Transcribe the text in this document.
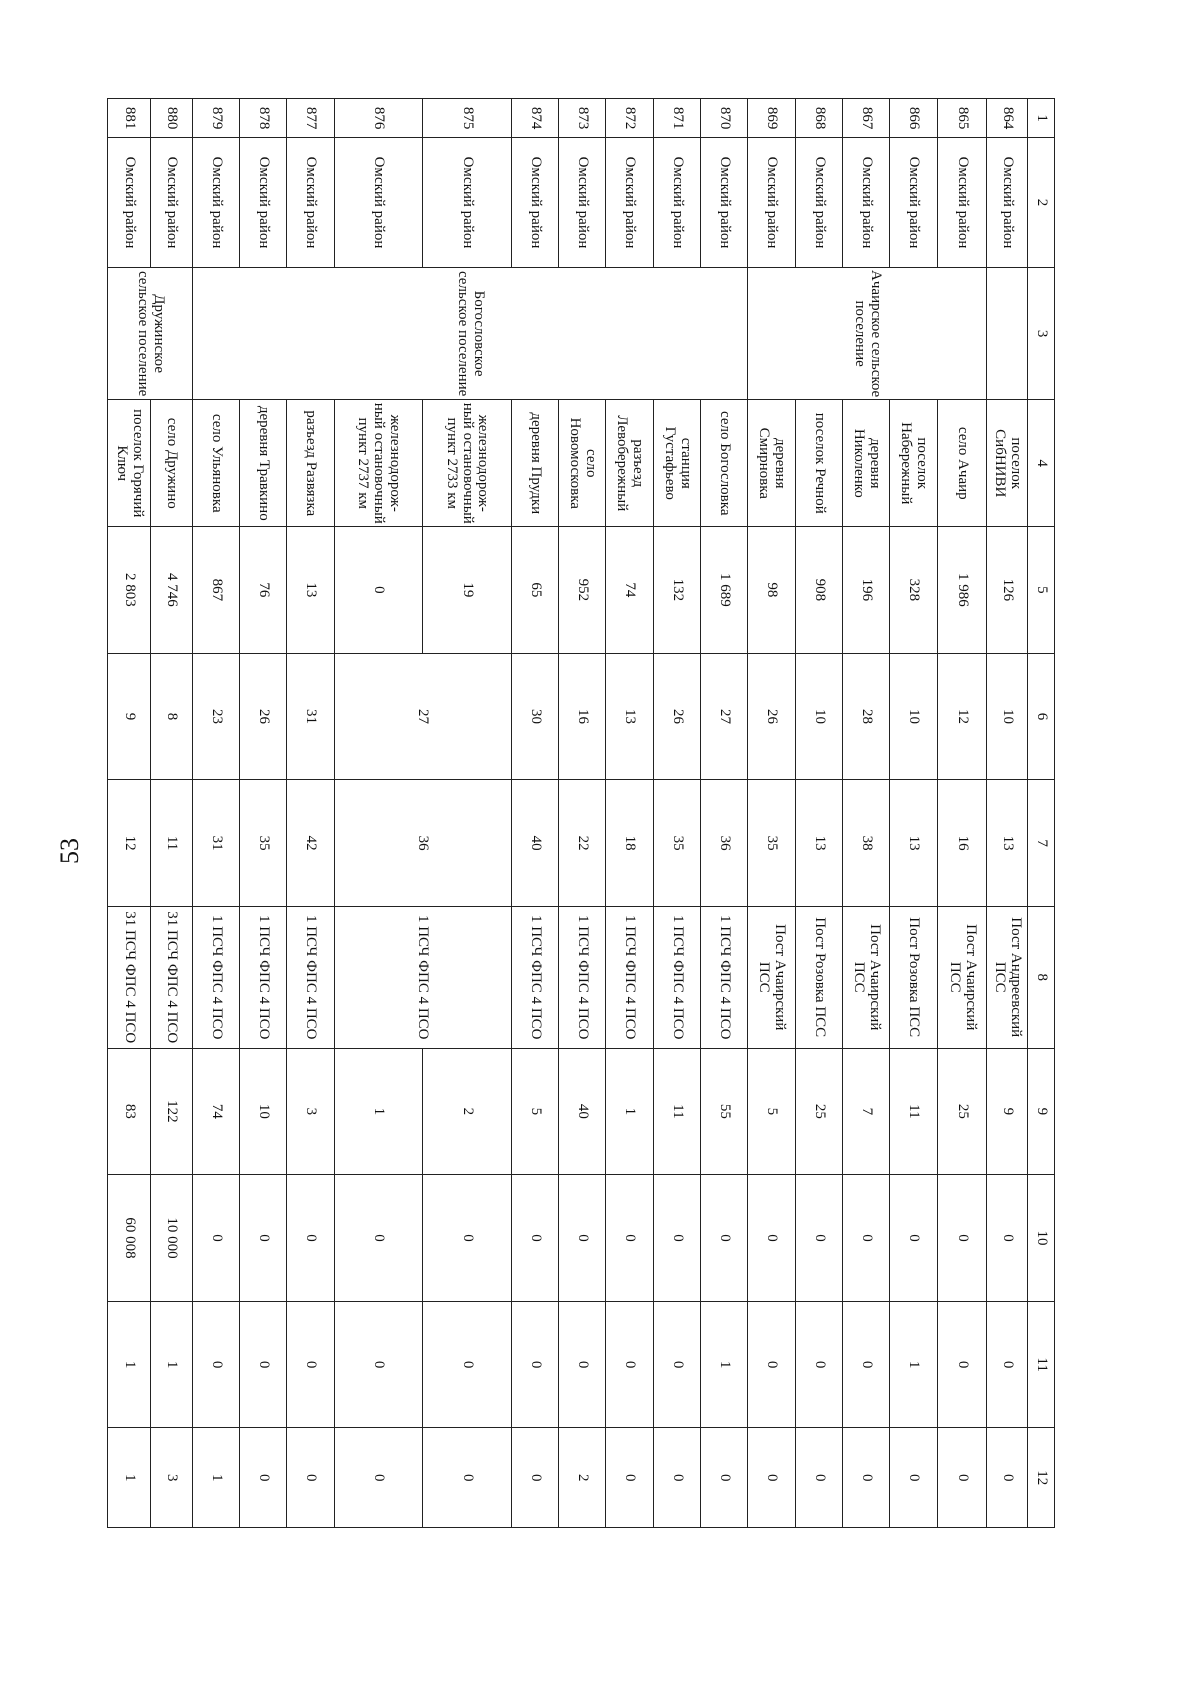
53
1	2	3	4	5	6	7	8	9	10	11	12
864	Омский район		поселок СибНИВИ	126	10	13	Пост Андреевский ПСС	9	0	0	0
865	Омский район	Ачаирское сельское поселение	село Ачаир	1 986	12	16	Пост Ачаирский ПСС	25	0	0	0
866	Омский район		поселок Набережный	328	10	13	Пост Розовка ПСС	11	0	1	0
867	Омский район		деревня Николенко	196	28	38	Пост Ачаирский ПСС	7	0	0	0
868	Омский район		поселок Речной	908	10	13	Пост Розовка ПСС	25	0	0	0
869	Омский район		деревня Смирновка	98	26	35	Пост Ачаирский ПСС	5	0	0	0
870	Омский район	Богословское сельское поселение	село Богословка	1 689	27	36	1 ПСЧ ФПС 4 ПСО	55	0	1	0
871	Омский район		станция Густафьево	132	26	35	1 ПСЧ ФПС 4 ПСО	11	0	0	0
872	Омский район		разъезд Левобережный	74	13	18	1 ПСЧ ФПС 4 ПСО	1	0	0	0
873	Омский район		село Новомосковка	952	16	22	1 ПСЧ ФПС 4 ПСО	40	0	0	2
874	Омский район		деревня Прудки	65	30	40	1 ПСЧ ФПС 4 ПСО	5	0	0	0
875	Омский район		железнодорож-ный остановочный пункт 2733 км	19	27	36	1 ПСЧ ФПС 4 ПСО	2	0	0	0
876	Омский район		железнодорож-ный остановочный пункт 2737 км	0				1	0	0	0
877	Омский район		разъезд Развязка	13	31	42	1 ПСЧ ФПС 4 ПСО	3	0	0	0
878	Омский район		деревня Травкино	76	26	35	1 ПСЧ ФПС 4 ПСО	10	0	0	0
879	Омский район		село Ульяновка	867	23	31	1 ПСЧ ФПС 4 ПСО	74	0	0	1
880	Омский район	Дружинское сельское поселение	село Дружино	4 746	8	11	31 ПСЧ ФПС 4 ПСО	122	10 000	1	3
881	Омский район		поселок Горячий Ключ	2 803	9	12	31 ПСЧ ФПС 4 ПСО	83	60 008	1	1
